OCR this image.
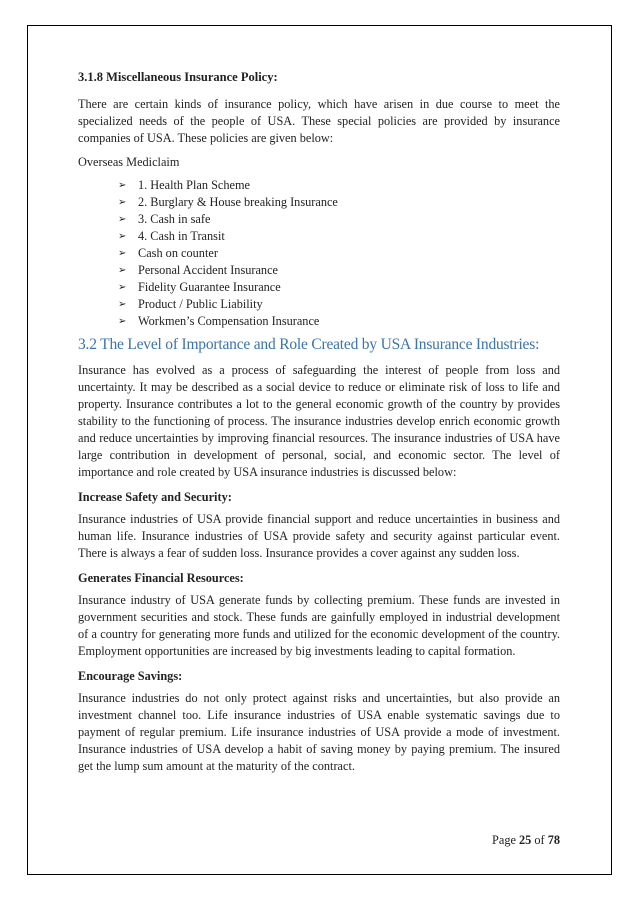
3.1.8 Miscellaneous Insurance Policy:

There are certain kinds of insurance policy, which have arisen in due course to meet the specialized needs of the people of USA. These special policies are provided by insurance companies of USA. These policies are given below:

Overseas Mediclaim
➢ 1. Health Plan Scheme
➢ 2. Burglary & House breaking Insurance
➢ 3. Cash in safe
➢ 4. Cash in Transit
➢ Cash on counter
➢ Personal Accident Insurance
➢ Fidelity Guarantee Insurance
➢ Product / Public Liability
➢ Workmen’s Compensation Insurance
3.2 The Level of Importance and Role Created by USA Insurance Industries:

Insurance has evolved as a process of safeguarding the interest of people from loss and uncertainty. It may be described as a social device to reduce or eliminate risk of loss to life and property. Insurance contributes a lot to the general economic growth of the country by provides stability to the functioning of process. The insurance industries develop enrich economic growth and reduce uncertainties by improving financial resources. The insurance industries of USA have large contribution in development of personal, social, and economic sector. The level of importance and role created by USA insurance industries is discussed below:

Increase Safety and Security:

Insurance industries of USA provide financial support and reduce uncertainties in business and human life. Insurance industries of USA provide safety and security against particular event. There is always a fear of sudden loss. Insurance provides a cover against any sudden loss.

Generates Financial Resources:

Insurance industry of USA generate funds by collecting premium. These funds are invested in government securities and stock. These funds are gainfully employed in industrial development of a country for generating more funds and utilized for the economic development of the country. Employment opportunities are increased by big investments leading to capital formation.

Encourage Savings:

Insurance industries do not only protect against risks and uncertainties, but also provide an investment channel too. Life insurance industries of USA enable systematic savings due to payment of regular premium. Life insurance industries of USA provide a mode of investment. Insurance industries of USA develop a habit of saving money by paying premium. The insured get the lump sum amount at the maturity of the contract.

Page 25 of 78
